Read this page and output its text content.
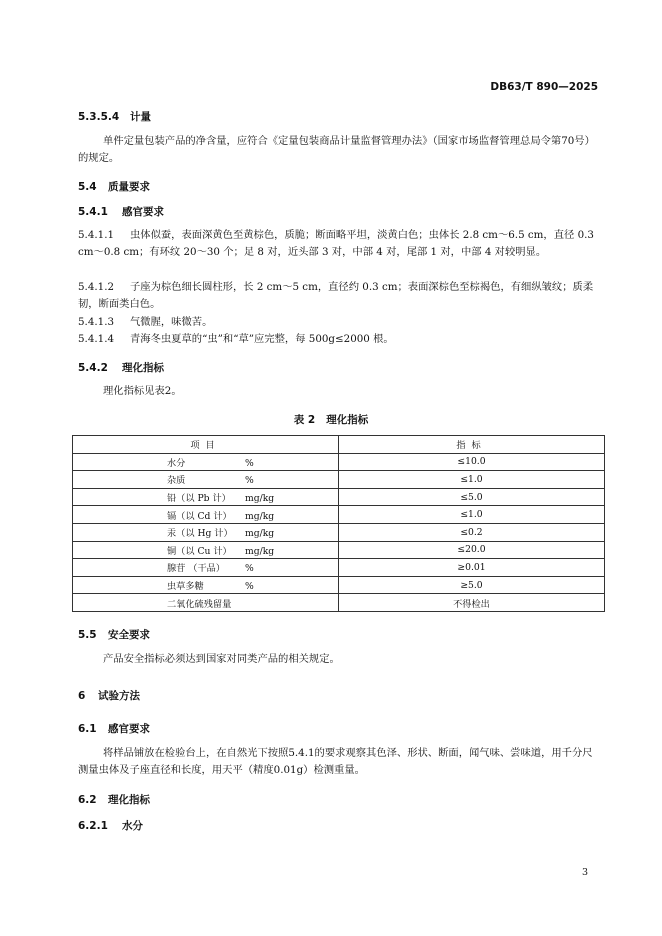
DB63/T 890—2025
5.3.5.4 计量
单件定量包装产品的净含量，应符合《定量包装商品计量监督管理办法》（国家市场监督管理总局令第70号）的规定。
5.4 质量要求
5.4.1 感官要求
5.4.1.1 虫体似蚕，表面深黄色至黄棕色，质脆；断面略平坦，淡黄白色；虫体长 2.8 cm～6.5 cm，直径 0.3 cm～0.8 cm；有环纹 20～30 个；足 8 对，近头部 3 对，中部 4 对，尾部 1 对，中部 4 对较明显。
5.4.1.2 子座为棕色细长圆柱形，长 2 cm～5 cm，直径约 0.3 cm；表面深棕色至棕褐色，有细纵皱纹；质柔韧，断面类白色。
5.4.1.3 气微腥，味微苦。
5.4.1.4 青海冬虫夏草的“虫”和“草”应完整，每 500g≤2000 根。
5.4.2 理化指标
理化指标见表2。
表 2 理化指标
项目	指标
水分 %	≤10.0
杂质 %	≤1.0
铅（以 Pb 计） mg/kg	≤5.0
镉（以 Cd 计） mg/kg	≤1.0
汞（以 Hg 计） mg/kg	≤0.2
铜（以 Cu 计） mg/kg	≤20.0
腺苷 （干品） %	≥0.01
虫草多糖 %	≥5.0
二氧化硫残留量	不得检出
5.5 安全要求
产品安全指标必须达到国家对同类产品的相关规定。
6 试验方法
6.1 感官要求
将样品铺放在检验台上，在自然光下按照5.4.1的要求观察其色泽、形状、断面，闻气味、尝味道，用千分尺测量虫体及子座直径和长度，用天平（精度0.01g）检测重量。
6.2 理化指标
6.2.1 水分
3
